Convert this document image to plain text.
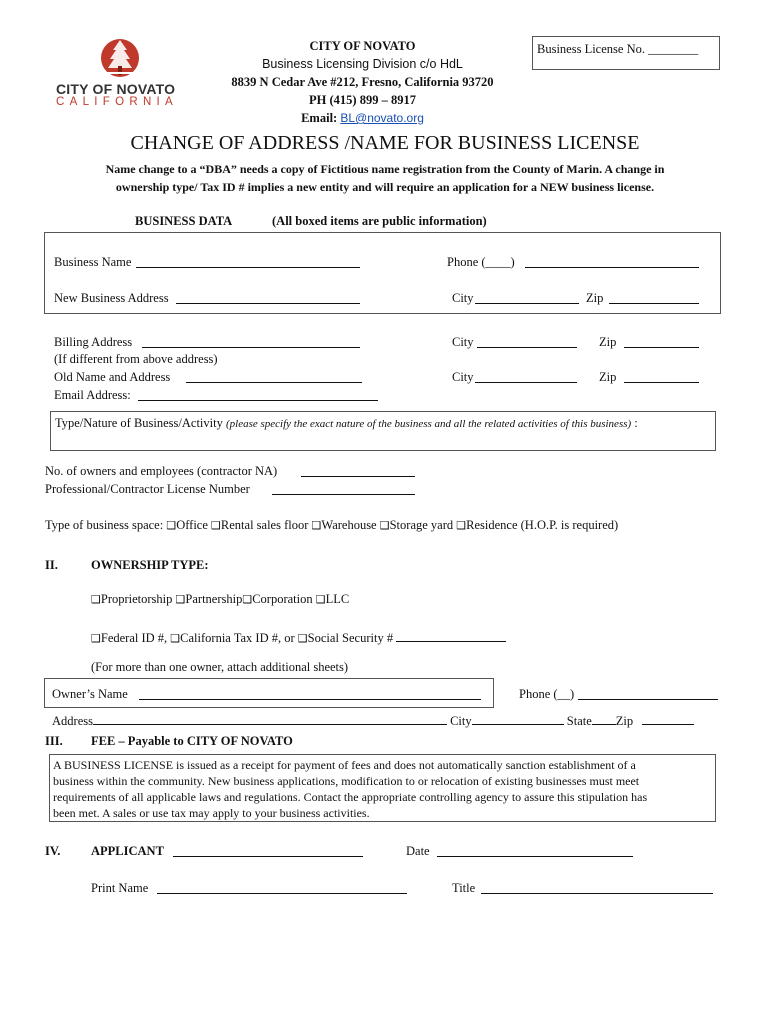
CITY OF NOVATO
CALIFORNIA
CITY OF NOVATO
Business Licensing Division c/o HdL
8839 N Cedar Ave #212, Fresno, California 93720
PH (415) 899 – 8917
Email: BL@novato.org
Business License No. ________
CHANGE OF ADDRESS /NAME FOR BUSINESS LICENSE
Name change to a “DBA” needs a copy of Fictitious name registration from the County of Marin. A change in
ownership type/ Tax ID # implies a new entity and will require an application for a NEW business license.
BUSINESS DATA	(All boxed items are public information)
Business Name	Phone (____)
New Business Address	City	Zip
Billing Address	City	Zip
(If different from above address)
Old Name and Address	City	Zip
Email Address:
Type/Nature of Business/Activity (please specify the exact nature of the business and all the related activities of this business) :
No. of owners and employees (contractor NA)
Professional/Contractor License Number
Type of business space: ❑Office ❑Rental sales floor ❑Warehouse ❑Storage yard ❑Residence (H.O.P. is required)
II.	OWNERSHIP TYPE:
❑Proprietorship ❑Partnership❑Corporation ❑LLC
❑Federal ID #, ❑California Tax ID #, or ❑Social Security #
(For more than one owner, attach additional sheets)
Owner’s Name	Phone (__)
Address	City	State Zip
III. FEE – Payable to CITY OF NOVATO
A BUSINESS LICENSE is issued as a receipt for payment of fees and does not automatically sanction establishment of a
business within the community. New business applications, modification to or relocation of existing businesses must meet
requirements of all applicable laws and regulations. Contact the appropriate controlling agency to assure this stipulation has
been met. A sales or use tax may apply to your business activities.
IV. APPLICANT	Date
Print Name	Title
